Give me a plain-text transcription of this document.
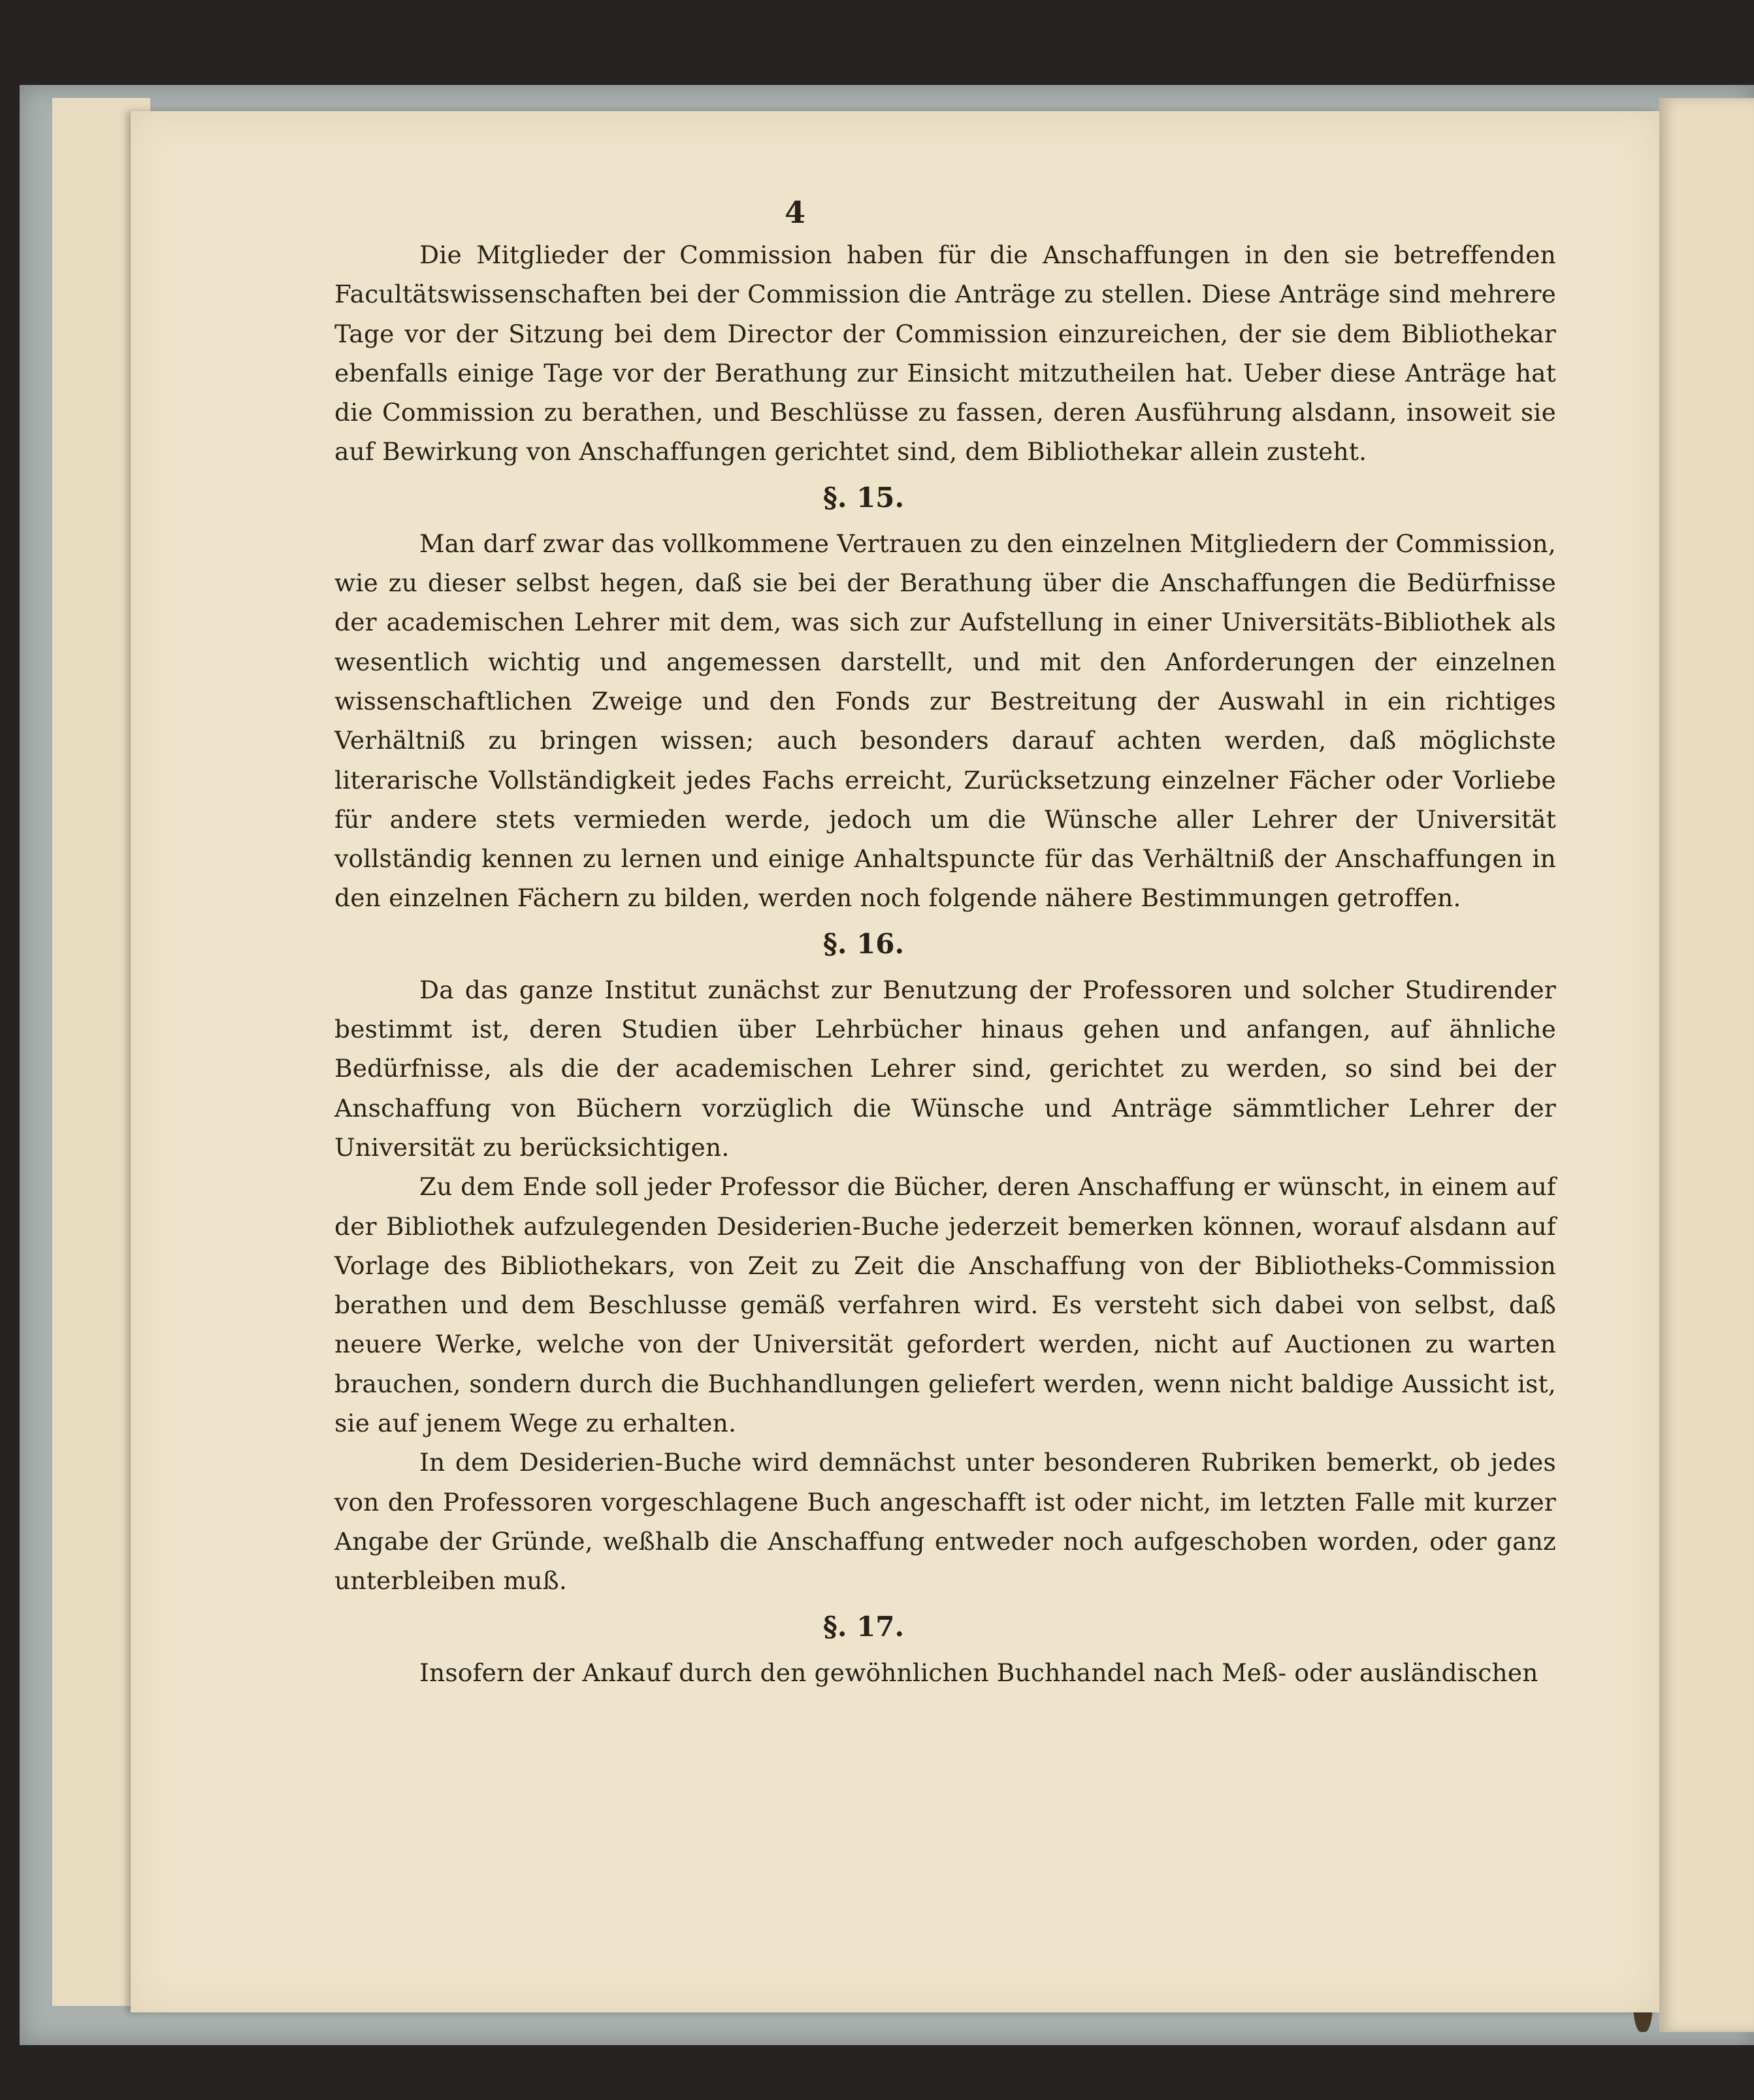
4

Die Mitglieder der Commission haben für die Anschaffungen in den sie betreffenden Facultätswissenschaften bei der Commission die Anträge zu stellen. Diese Anträge sind mehrere Tage vor der Sitzung bei dem Director der Commission einzureichen, der sie dem Bibliothekar ebenfalls einige Tage vor der Berathung zur Einsicht mitzutheilen hat. Ueber diese Anträge hat die Commission zu berathen, und Beschlüsse zu fassen, deren Ausführung alsdann, insoweit sie auf Bewirkung von Anschaffungen gerichtet sind, dem Bibliothekar allein zusteht.

§. 15.

Man darf zwar das vollkommene Vertrauen zu den einzelnen Mitgliedern der Commission, wie zu dieser selbst hegen, daß sie bei der Berathung über die Anschaffungen die Bedürfnisse der academischen Lehrer mit dem, was sich zur Aufstellung in einer Universitäts-Bibliothek als wesentlich wichtig und angemessen darstellt, und mit den Anforderungen der einzelnen wissenschaftlichen Zweige und den Fonds zur Bestreitung der Auswahl in ein richtiges Verhältniß zu bringen wissen; auch besonders darauf achten werden, daß möglichste literarische Vollständigkeit jedes Fachs erreicht, Zurücksetzung einzelner Fächer oder Vorliebe für andere stets vermieden werde, jedoch um die Wünsche aller Lehrer der Universität vollständig kennen zu lernen und einige Anhaltspuncte für das Verhältniß der Anschaffungen in den einzelnen Fächern zu bilden, werden noch folgende nähere Bestimmungen getroffen.

§. 16.

Da das ganze Institut zunächst zur Benutzung der Professoren und solcher Studirender bestimmt ist, deren Studien über Lehrbücher hinaus gehen und anfangen, auf ähnliche Bedürfnisse, als die der academischen Lehrer sind, gerichtet zu werden, so sind bei der Anschaffung von Büchern vorzüglich die Wünsche und Anträge sämmtlicher Lehrer der Universität zu berücksichtigen.

Zu dem Ende soll jeder Professor die Bücher, deren Anschaffung er wünscht, in einem auf der Bibliothek aufzulegenden Desiderien-Buche jederzeit bemerken können, worauf alsdann auf Vorlage des Bibliothekars, von Zeit zu Zeit die Anschaffung von der Bibliotheks-Commission berathen und dem Beschlusse gemäß verfahren wird. Es versteht sich dabei von selbst, daß neuere Werke, welche von der Universität gefordert werden, nicht auf Auctionen zu warten brauchen, sondern durch die Buchhandlungen geliefert werden, wenn nicht baldige Aussicht ist, sie auf jenem Wege zu erhalten.

In dem Desiderien-Buche wird demnächst unter besonderen Rubriken bemerkt, ob jedes von den Professoren vorgeschlagene Buch angeschafft ist oder nicht, im letzten Falle mit kurzer Angabe der Gründe, weßhalb die Anschaffung entweder noch aufgeschoben worden, oder ganz unterbleiben muß.

§. 17.

Insofern der Ankauf durch den gewöhnlichen Buchhandel nach Meß- oder ausländischen
